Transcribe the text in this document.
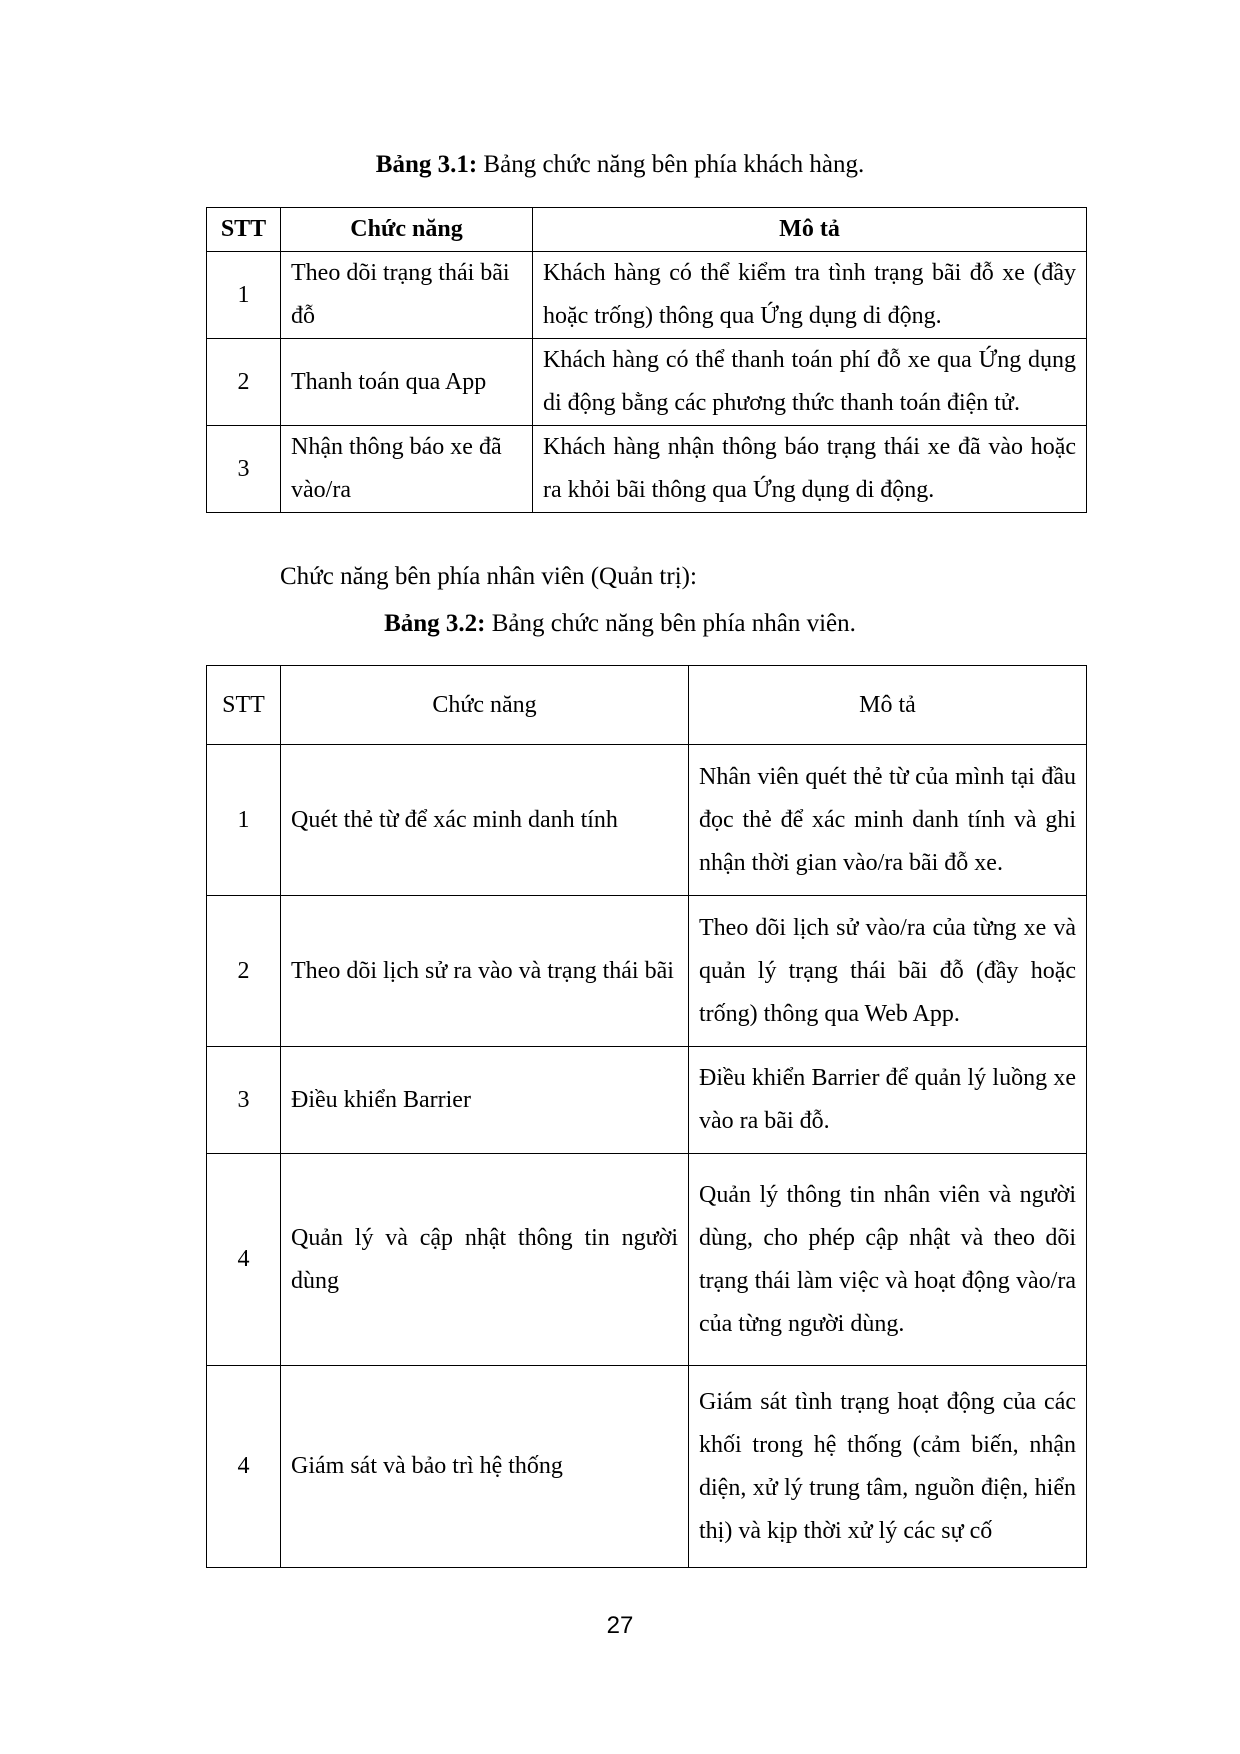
Bảng 3.1: Bảng chức năng bên phía khách hàng.
STT	Chức năng	Mô tả
1	Theo dõi trạng thái bãi đỗ	Khách hàng có thể kiểm tra tình trạng bãi đỗ xe (đầy hoặc trống) thông qua Ứng dụng di động.
2	Thanh toán qua App	Khách hàng có thể thanh toán phí đỗ xe qua Ứng dụng di động bằng các phương thức thanh toán điện tử.
3	Nhận thông báo xe đã vào/ra	Khách hàng nhận thông báo trạng thái xe đã vào hoặc ra khỏi bãi thông qua Ứng dụng di động.
Chức năng bên phía nhân viên (Quản trị):
Bảng 3.2: Bảng chức năng bên phía nhân viên.
STT	Chức năng	Mô tả
1	Quét thẻ từ để xác minh danh tính	Nhân viên quét thẻ từ của mình tại đầu đọc thẻ để xác minh danh tính và ghi nhận thời gian vào/ra bãi đỗ xe.
2	Theo dõi lịch sử ra vào và trạng thái bãi	Theo dõi lịch sử vào/ra của từng xe và quản lý trạng thái bãi đỗ (đầy hoặc trống) thông qua Web App.
3	Điều khiển Barrier	Điều khiển Barrier để quản lý luồng xe vào ra bãi đỗ.
4	Quản lý và cập nhật thông tin người dùng	Quản lý thông tin nhân viên và người dùng, cho phép cập nhật và theo dõi trạng thái làm việc và hoạt động vào/ra của từng người dùng.
4	Giám sát và bảo trì hệ thống	Giám sát tình trạng hoạt động của các khối trong hệ thống (cảm biến, nhận diện, xử lý trung tâm, nguồn điện, hiển thị) và kịp thời xử lý các sự cố
27
